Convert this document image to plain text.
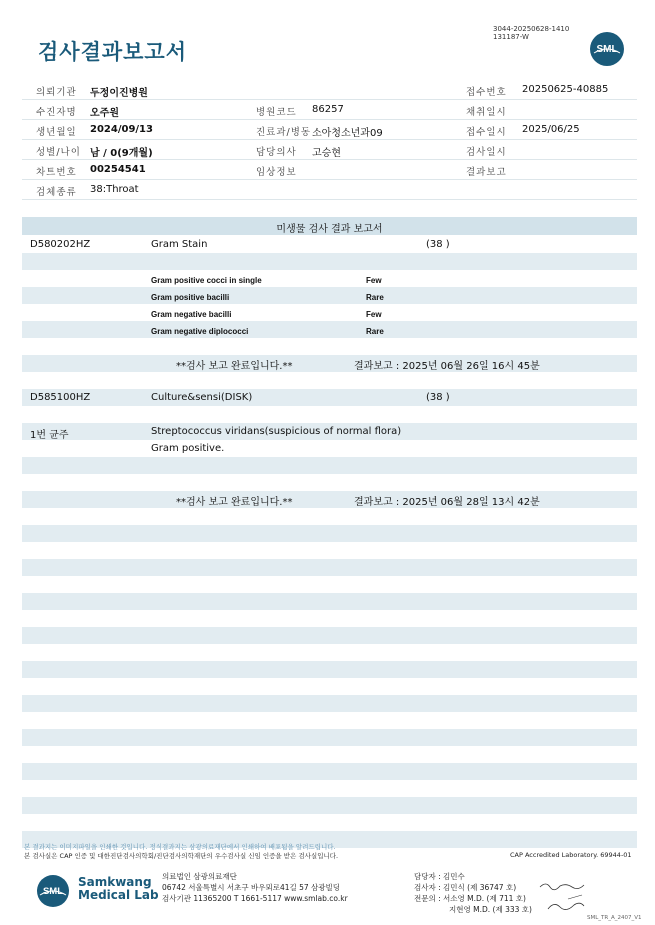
검사결과보고서
3044-20250628-1410
131187-W
SML
의뢰기관 두정이진병원	접수번호 20250625-40885
수진자명 오주원	병원코드 86257	채취일시
생년월일 2024/09/13	진료과/병동 소아청소년과09	접수일시 2025/06/25
성별/나이 남 / 0(9개월)	담당의사 고승현	검사일시
차트번호 00254541	임상정보	결과보고
검체종류 38:Throat
미생물 검사 결과 보고서
D580202HZ	Gram Stain	(38 )
Gram positive cocci in single	Few
Gram positive bacilli	Rare
Gram negative bacilli	Few
Gram negative diplococci	Rare
**검사 보고 완료입니다.**	결과보고 : 2025년 06월 26일 16시 45분
D585100HZ	Culture&sensi(DISK)	(38 )
1번 균주	Streptococcus viridans(suspicious of normal flora)
Gram positive.
**검사 보고 완료입니다.**	결과보고 : 2025년 06월 28일 13시 42분
본 결과지는 이미지파일을 인쇄한 것입니다. 정식결과지는 삼광의료재단에서 인쇄하여 배포됨을 알려드립니다.
본 검사실은 CAP 인증 및 대한진단검사의학회/진단검사의학재단의 우수검사실 신임 인증을 받은 검사실입니다.	CAP Accredited Laboratory. 69944-01
SML
Samkwang
Medical Lab
의료법인 삼광의료재단
06742 서울특별시 서초구 바우뫼로41길 57 삼광빌딩
검사기관 11365200 T 1661-5117 www.smlab.co.kr
담당자 : 김민수
검사자 : 김민식 (제 36747 호)
전문의 : 서소영 M.D. (제 711 호)
지현영 M.D. (제 333 호)
SML_TR_A_2407_V1
